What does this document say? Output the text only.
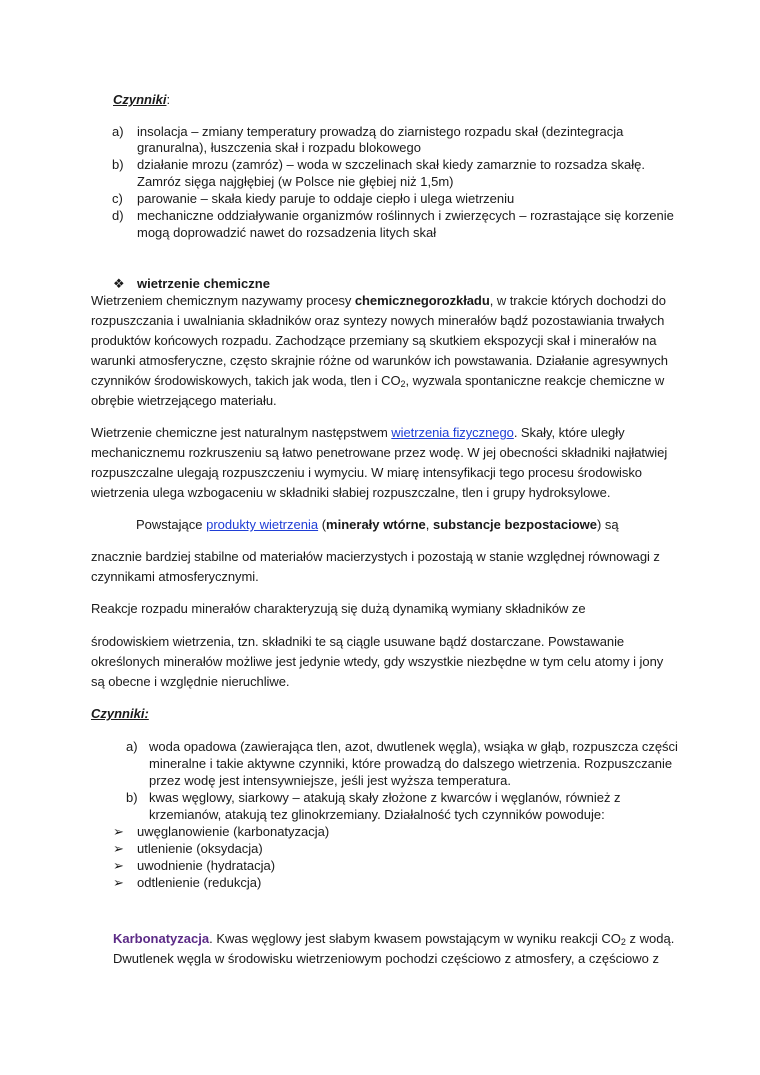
Czynniki:
a) insolacja – zmiany temperatury prowadzą do ziarnistego rozpadu skał (dezintegracja
granuralna), łuszczenia skał i rozpadu blokowego
b) działanie mrozu (zamróz) – woda w szczelinach skał kiedy zamarznie to rozsadza skałę.
Zamróz sięga najgłębiej (w Polsce nie głębiej niż 1,5m)
c) parowanie – skała kiedy paruje to oddaje ciepło i ulega wietrzeniu
d) mechaniczne oddziaływanie organizmów roślinnych i zwierzęcych – rozrastające się korzenie
mogą doprowadzić nawet do rozsadzenia litych skał
❖ wietrzenie chemiczne
Wietrzeniem chemicznym nazywamy procesy chemicznegorozkładu, w trakcie których dochodzi do
rozpuszczania i uwalniania składników oraz syntezy nowych minerałów bądź pozostawiania trwałych
produktów końcowych rozpadu. Zachodzące przemiany są skutkiem ekspozycji skał i minerałów na
warunki atmosferyczne, często skrajnie różne od warunków ich powstawania. Działanie agresywnych
czynników środowiskowych, takich jak woda, tlen i $CO_2$, wyzwala spontaniczne reakcje chemiczne w
obrębie wietrzejącego materiału.
Wietrzenie chemiczne jest naturalnym następstwem wietrzenia fizycznego. Skały, które uległy
mechanicznemu rozkruszeniu są łatwo penetrowane przez wodę. W jej obecności składniki najłatwiej
rozpuszczalne ulegają rozpuszczeniu i wymyciu. W miarę intensyfikacji tego procesu środowisko
wietrzenia ulega wzbogaceniu w składniki słabiej rozpuszczalne, tlen i grupy hydroksylowe.
Powstające produkty wietrzenia (minerały wtórne, substancje bezpostaciowe) są
znacznie bardziej stabilne od materiałów macierzystych i pozostają w stanie względnej równowagi z
czynnikami atmosferycznymi.
Reakcje rozpadu minerałów charakteryzują się dużą dynamiką wymiany składników ze
środowiskiem wietrzenia, tzn. składniki te są ciągle usuwane bądź dostarczane. Powstawanie
określonych minerałów możliwe jest jedynie wtedy, gdy wszystkie niezbędne w tym celu atomy i jony
są obecne i względnie nieruchliwe.
Czynniki:
a) woda opadowa (zawierająca tlen, azot, dwutlenek węgla), wsiąka w głąb, rozpuszcza części
mineralne i takie aktywne czynniki, które prowadzą do dalszego wietrzenia. Rozpuszczanie
przez wodę jest intensywniejsze, jeśli jest wyższa temperatura.
b) kwas węglowy, siarkowy – atakują skały złożone z kwarców i węglanów, również z
krzemianów, atakują tez glinokrzemiany. Działalność tych czynników powoduje:
➢ uwęglanowienie (karbonatyzacja)
➢ utlenienie (oksydacja)
➢ uwodnienie (hydratacja)
➢ odtlenienie (redukcja)
Karbonatyzacja. Kwas węglowy jest słabym kwasem powstającym w wyniku reakcji $CO_2$ z wodą.
Dwutlenek węgla w środowisku wietrzeniowym pochodzi częściowo z atmosfery, a częściowo z
